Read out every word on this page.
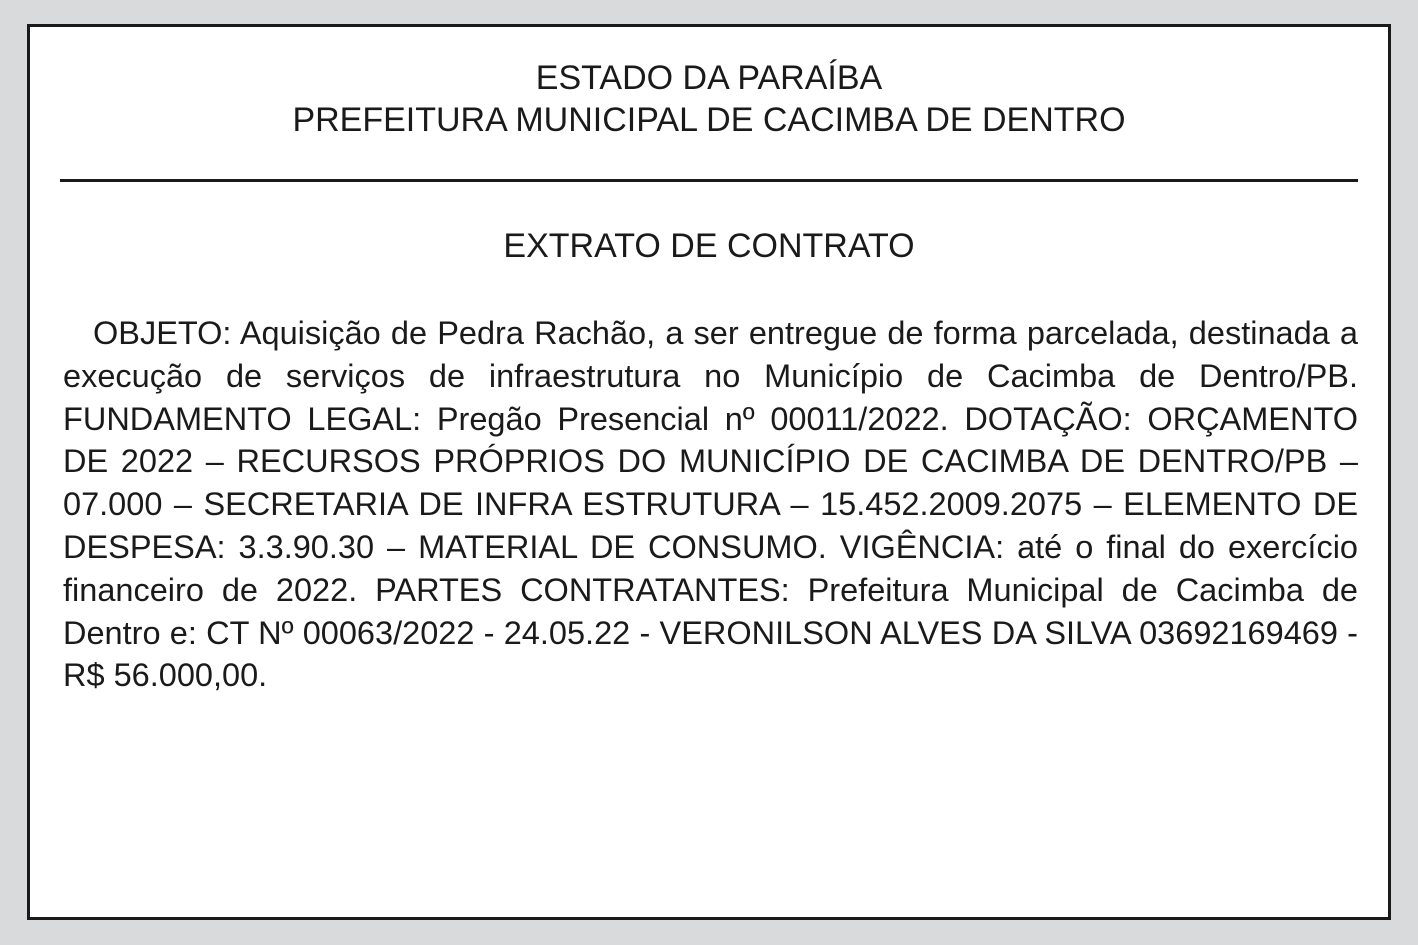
ESTADO DA PARAÍBA
PREFEITURA MUNICIPAL DE CACIMBA DE DENTRO
EXTRATO DE CONTRATO

OBJETO: Aquisição de Pedra Rachão, a ser entregue de forma parcelada, destinada a execução de serviços de infraestrutura no Município de Cacimba de Dentro/PB. FUNDAMENTO LEGAL: Pregão Presencial nº 00011/2022. DOTAÇÃO: ORÇAMENTO DE 2022 – RECURSOS PRÓPRIOS DO MUNICÍPIO DE CACIMBA DE DENTRO/PB – 07.000 – SECRETARIA DE INFRA ESTRUTURA – 15.452.2009.2075 – ELEMENTO DE DESPESA: 3.3.90.30 – MATERIAL DE CONSUMO. VIGÊNCIA: até o final do exercício financeiro de 2022. PARTES CONTRATANTES: Prefeitura Municipal de Cacimba de Dentro e: CT Nº 00063/2022 - 24.05.22 - VERONILSON ALVES DA SILVA 03692169469 - R$ 56.000,00.
